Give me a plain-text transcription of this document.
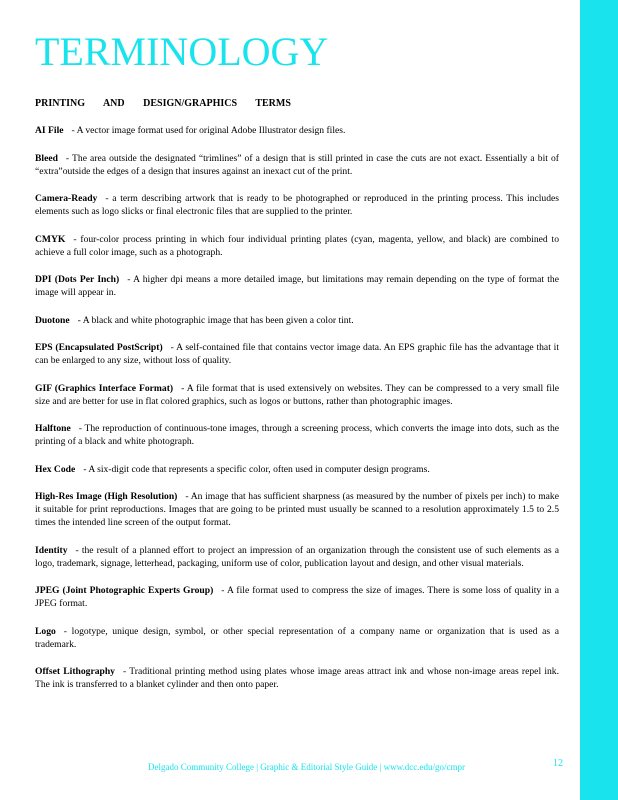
TERMINOLOGY
PRINTING AND DESIGN/GRAPHICS TERMS

AI File - A vector image format used for original Adobe Illustrator design files.

Bleed - The area outside the designated “trimlines” of a design that is still printed in case the cuts are not exact. Essentially a bit of “extra”outside the edges of a design that insures against an inexact cut of the print.

Camera-Ready - a term describing artwork that is ready to be photographed or reproduced in the printing process. This includes elements such as logo slicks or final electronic files that are supplied to the printer.

CMYK - four-color process printing in which four individual printing plates (cyan, magenta, yellow, and black) are combined to achieve a full color image, such as a photograph.

DPI (Dots Per Inch) - A higher dpi means a more detailed image, but limitations may remain depending on the type of format the image will appear in.

Duotone - A black and white photographic image that has been given a color tint.

EPS (Encapsulated PostScript) - A self-contained file that contains vector image data. An EPS graphic file has the advantage that it can be enlarged to any size, without loss of quality.

GIF (Graphics Interface Format) - A file format that is used extensively on websites. They can be compressed to a very small file size and are better for use in flat colored graphics, such as logos or buttons, rather than photographic images.

Halftone - The reproduction of continuous-tone images, through a screening process, which converts the image into dots, such as the printing of a black and white photograph.

Hex Code - A six-digit code that represents a specific color, often used in computer design programs.

High-Res Image (High Resolution) - An image that has sufficient sharpness (as measured by the number of pixels per inch) to make it suitable for print reproductions. Images that are going to be printed must usually be scanned to a resolution approximately 1.5 to 2.5 times the intended line screen of the output format.

Identity - the result of a planned effort to project an impression of an organization through the consistent use of such elements as a logo, trademark, signage, letterhead, packaging, uniform use of color, publication layout and design, and other visual materials.

JPEG (Joint Photographic Experts Group) - A file format used to compress the size of images. There is some loss of quality in a JPEG format.

Logo - logotype, unique design, symbol, or other special representation of a company name or organization that is used as a trademark.

Offset Lithography - Traditional printing method using plates whose image areas attract ink and whose non-image areas repel ink. The ink is transferred to a blanket cylinder and then onto paper.

Delgado Community College | Graphic & Editorial Style Guide | www.dcc.edu/go/cmpr	12
